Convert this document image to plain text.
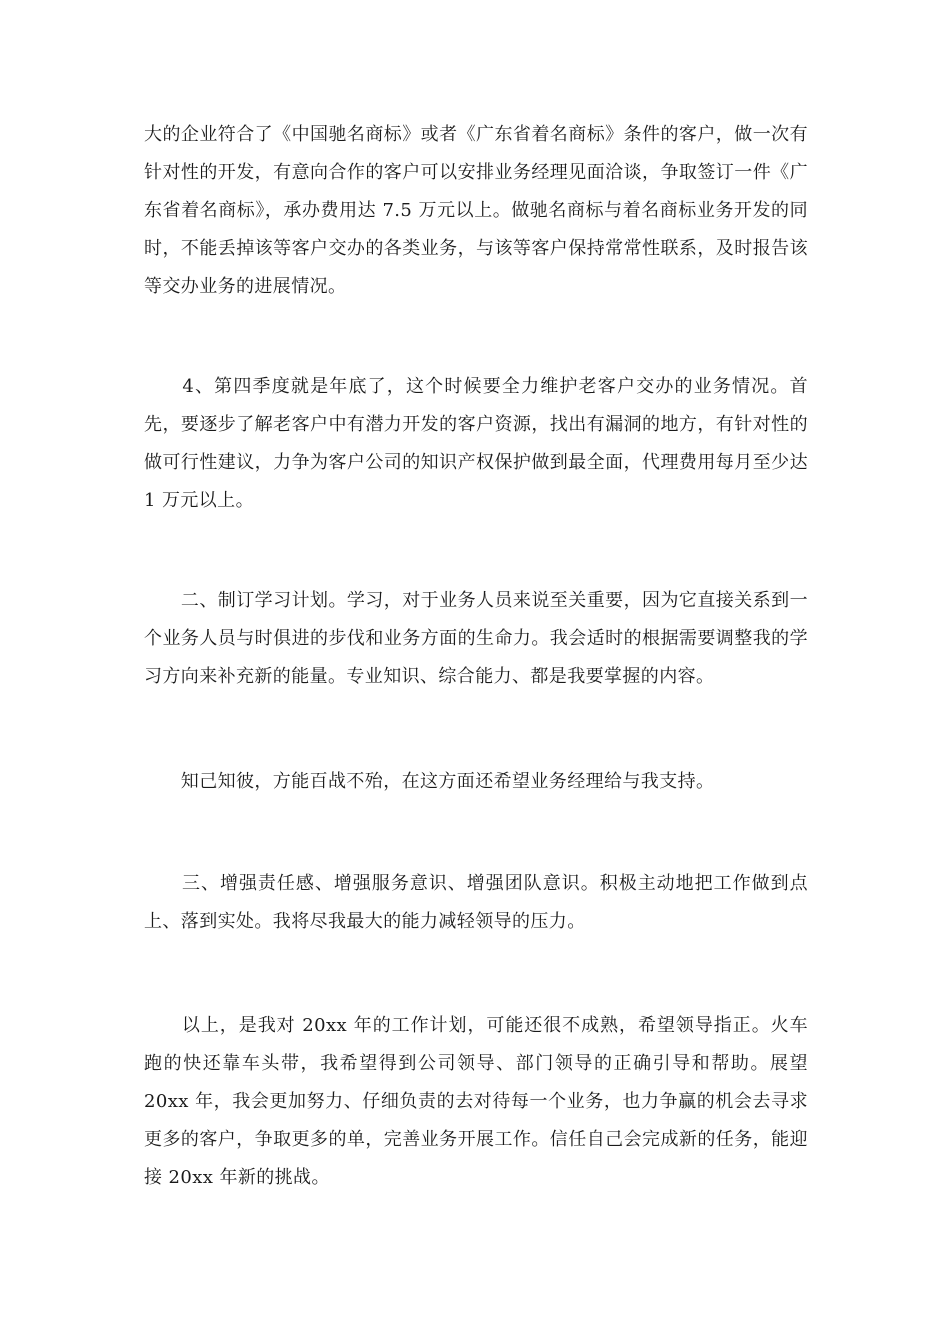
大的企业符合了《中国驰名商标》或者《广东省着名商标》条件的客户，做一次有针对性的开发，有意向合作的客户可以安排业务经理见面洽谈，争取签订一件《广东省着名商标》，承办费用达 7.5 万元以上。做驰名商标与着名商标业务开发的同时，不能丢掉该等客户交办的各类业务，与该等客户保持常常性联系，及时报告该等交办业务的进展情况。

　　4、第四季度就是年底了，这个时候要全力维护老客户交办的业务情况。首先，要逐步了解老客户中有潜力开发的客户资源，找出有漏洞的地方，有针对性的做可行性建议，力争为客户公司的知识产权保护做到最全面，代理费用每月至少达 1 万元以上。

　　二、制订学习计划。学习，对于业务人员来说至关重要，因为它直接关系到一个业务人员与时俱进的步伐和业务方面的生命力。我会适时的根据需要调整我的学习方向来补充新的能量。专业知识、综合能力、都是我要掌握的内容。

　　知己知彼，方能百战不殆，在这方面还希望业务经理给与我支持。

　　三、增强责任感、增强服务意识、增强团队意识。积极主动地把工作做到点上、落到实处。我将尽我最大的能力减轻领导的压力。

　　以上，是我对 20xx 年的工作计划，可能还很不成熟，希望领导指正。火车跑的快还靠车头带，我希望得到公司领导、部门领导的正确引导和帮助。展望 20xx 年，我会更加努力、仔细负责的去对待每一个业务，也力争赢的机会去寻求更多的客户，争取更多的单，完善业务开展工作。信任自己会完成新的任务，能迎接 20xx 年新的挑战。
